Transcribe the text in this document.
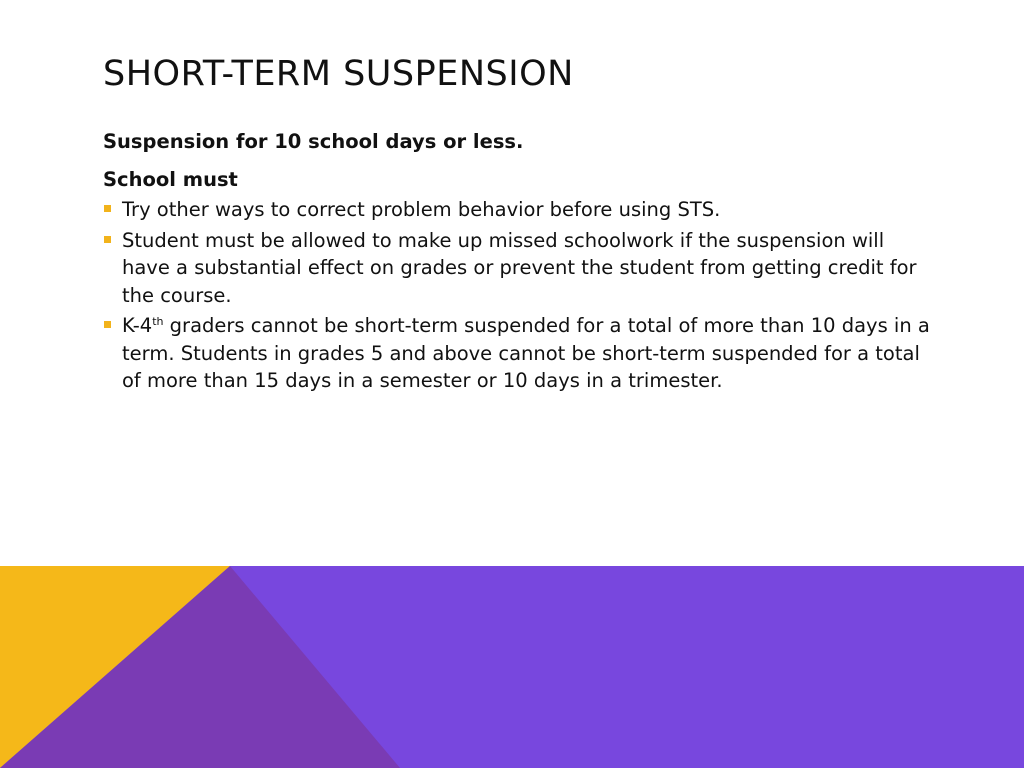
SHORT-TERM SUSPENSION

Suspension for 10 school days or less.

School must

Try other ways to correct problem behavior before using STS.
Student must be allowed to make up missed schoolwork if the suspension will have a substantial effect on grades or prevent the student from getting credit for the course.
K-4th graders cannot be short-term suspended for a total of more than 10 days in a term. Students in grades 5 and above cannot be short-term suspended for a total of more than 15 days in a semester or 10 days in a trimester.
